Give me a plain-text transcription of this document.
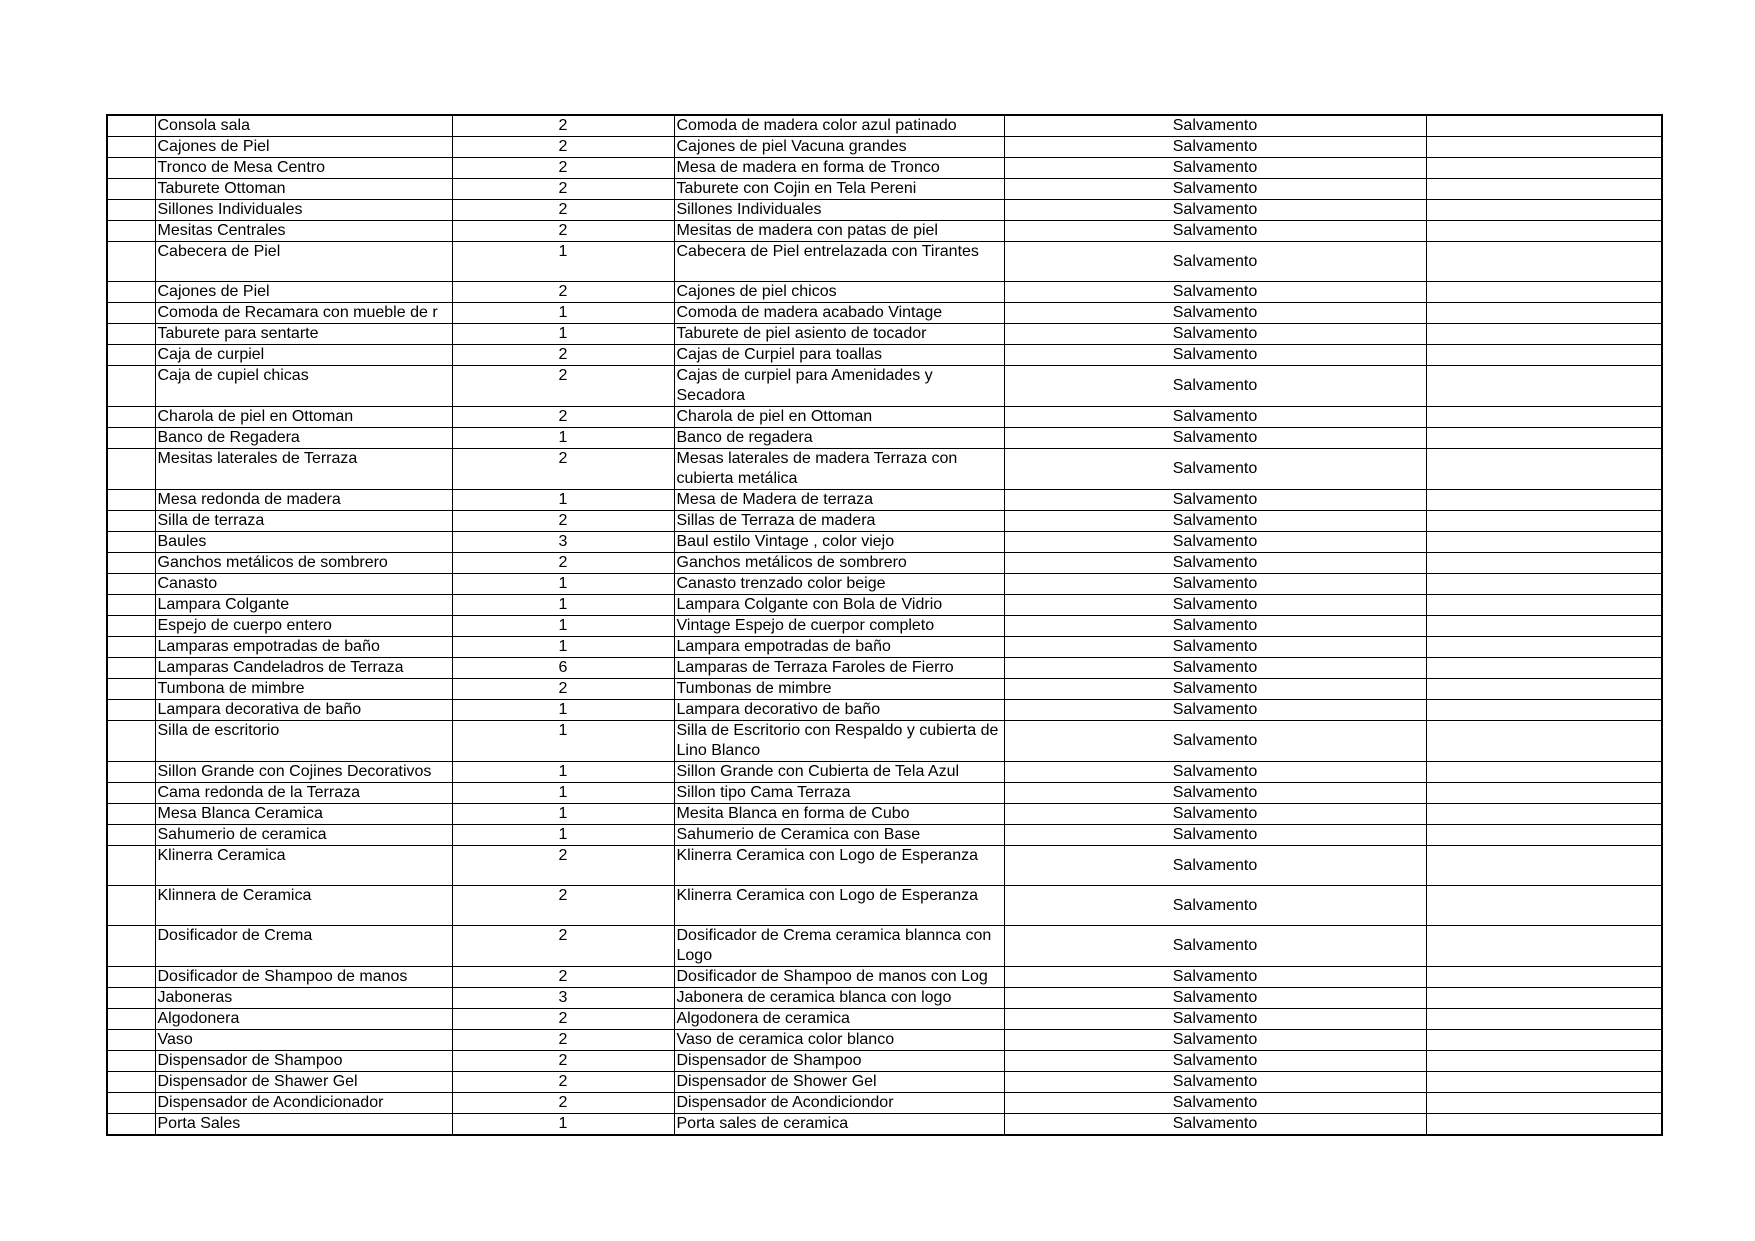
	Consola sala	2	Comoda de madera color azul patinado	Salvamento	
	Cajones de Piel	2	Cajones de piel Vacuna grandes	Salvamento	
	Tronco de Mesa Centro	2	Mesa de madera en forma de Tronco	Salvamento	
	Taburete Ottoman	2	Taburete con Cojin en Tela Pereni	Salvamento	
	Sillones Individuales	2	Sillones Individuales	Salvamento	
	Mesitas Centrales	2	Mesitas de madera con patas de piel	Salvamento	
	Cabecera de Piel	1	Cabecera de Piel entrelazada con Tirantes	Salvamento	
	Cajones de Piel	2	Cajones de piel chicos	Salvamento	
	Comoda de Recamara con mueble de r	1	Comoda de madera acabado Vintage	Salvamento	
	Taburete para sentarte	1	Taburete de piel asiento de tocador	Salvamento	
	Caja de curpiel	2	Cajas de Curpiel para toallas	Salvamento	
	Caja de cupiel chicas	2	Cajas de curpiel para Amenidades y Secadora	Salvamento	
	Charola de piel en Ottoman	2	Charola de piel en Ottoman	Salvamento	
	Banco de Regadera	1	Banco de regadera	Salvamento	
	Mesitas laterales de Terraza	2	Mesas laterales de madera Terraza con cubierta metálica	Salvamento	
	Mesa redonda de madera	1	Mesa de Madera de terraza	Salvamento	
	Silla de terraza	2	Sillas de Terraza de madera	Salvamento	
	Baules	3	Baul estilo Vintage , color viejo	Salvamento	
	Ganchos metálicos de sombrero	2	Ganchos metálicos de sombrero	Salvamento	
	Canasto	1	Canasto trenzado color beige	Salvamento	
	Lampara Colgante	1	Lampara Colgante con Bola de Vidrio	Salvamento	
	Espejo de cuerpo entero	1	Vintage Espejo de cuerpor completo	Salvamento	
	Lamparas empotradas de baño	1	Lampara empotradas de baño	Salvamento	
	Lamparas Candeladros de Terraza	6	Lamparas de Terraza Faroles de Fierro	Salvamento	
	Tumbona de mimbre	2	Tumbonas de mimbre	Salvamento	
	Lampara decorativa de baño	1	Lampara decorativo de baño	Salvamento	
	Silla de escritorio	1	Silla de Escritorio con Respaldo y cubierta de Lino Blanco	Salvamento	
	Sillon Grande con Cojines Decorativos	1	Sillon Grande con Cubierta de Tela Azul	Salvamento	
	Cama redonda de la Terraza	1	Sillon tipo Cama Terraza	Salvamento	
	Mesa Blanca Ceramica	1	Mesita Blanca en forma de Cubo	Salvamento	
	Sahumerio de ceramica	1	Sahumerio de Ceramica con Base	Salvamento	
	Klinerra Ceramica	2	Klinerra Ceramica con Logo de Esperanza	Salvamento	
	Klinnera de Ceramica	2	Klinerra Ceramica con Logo de Esperanza	Salvamento	
	Dosificador de Crema	2	Dosificador de Crema ceramica blannca con Logo	Salvamento	
	Dosificador de Shampoo de manos	2	Dosificador de Shampoo de manos con Log	Salvamento	
	Jaboneras	3	Jabonera de ceramica blanca con logo	Salvamento	
	Algodonera	2	Algodonera de ceramica	Salvamento	
	Vaso	2	Vaso de ceramica color blanco	Salvamento	
	Dispensador de Shampoo	2	Dispensador de Shampoo	Salvamento	
	Dispensador de Shawer Gel	2	Dispensador de Shower Gel	Salvamento	
	Dispensador de Acondicionador	2	Dispensador de Acondiciondor	Salvamento	
	Porta Sales	1	Porta sales de ceramica	Salvamento	
